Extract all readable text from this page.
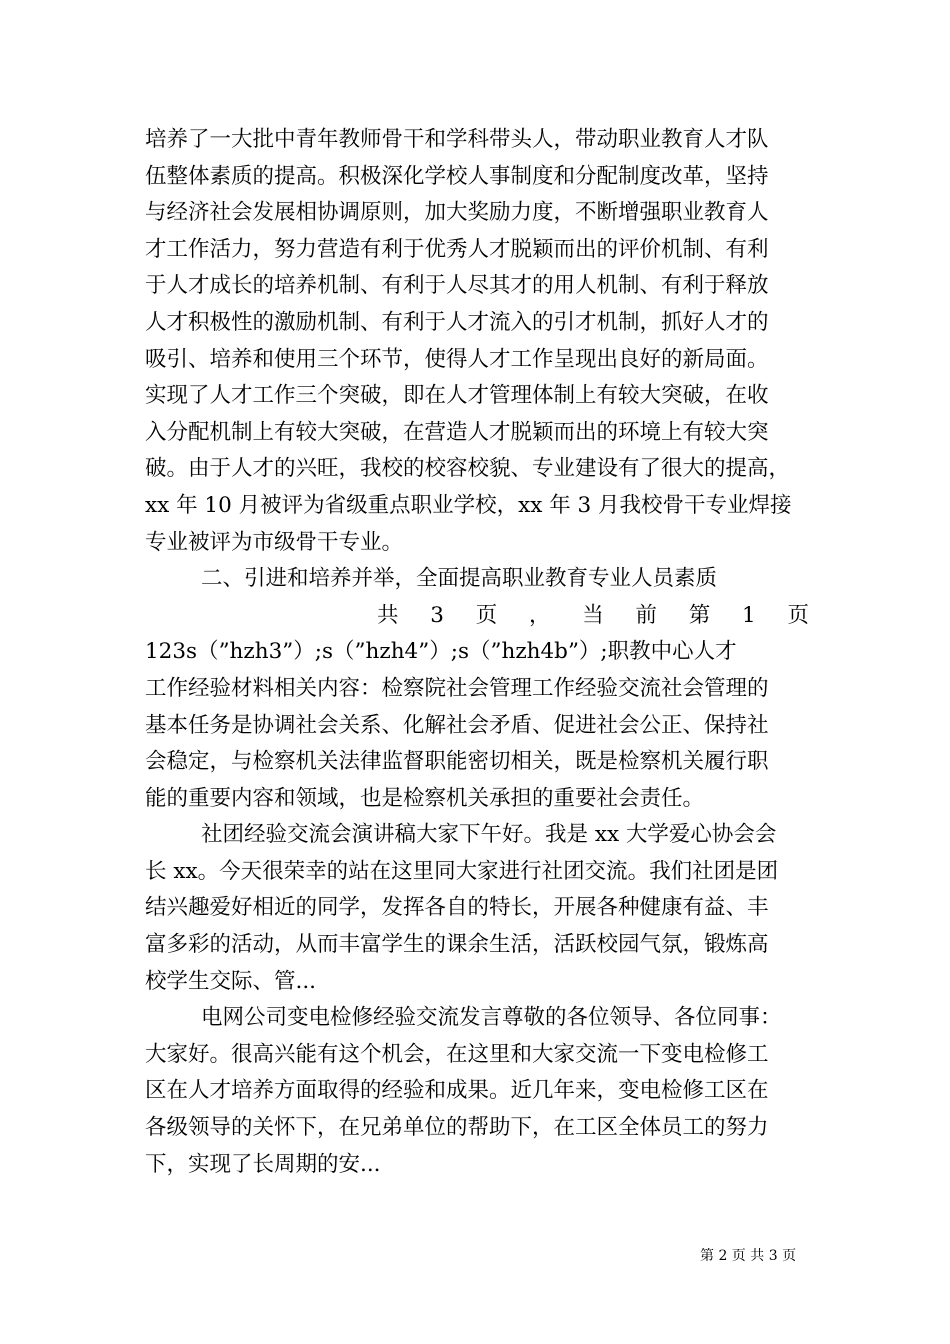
培养了一大批中青年教师骨干和学科带头人，带动职业教育人才队
伍整体素质的提高。积极深化学校人事制度和分配制度改革，坚持
与经济社会发展相协调原则，加大奖励力度，不断增强职业教育人
才工作活力，努力营造有利于优秀人才脱颖而出的评价机制、有利
于人才成长的培养机制、有利于人尽其才的用人机制、有利于释放
人才积极性的激励机制、有利于人才流入的引才机制，抓好人才的
吸引、培养和使用三个环节，使得人才工作呈现出良好的新局面。
实现了人才工作三个突破，即在人才管理体制上有较大突破，在收
入分配机制上有较大突破，在营造人才脱颖而出的环境上有较大突
破。由于人才的兴旺，我校的校容校貌、专业建设有了很大的提高，
xx 年 10 月被评为省级重点职业学校，xx 年 3 月我校骨干专业焊接
专业被评为市级骨干专业。
二、引进和培养并举，全面提高职业教育专业人员素质
共 3 页 ， 当 前 第 1 页
123s（”hzh3”）;s（”hzh4”）;s（”hzh4b”）;职教中心人才
工作经验材料相关内容：检察院社会管理工作经验交流社会管理的
基本任务是协调社会关系、化解社会矛盾、促进社会公正、保持社
会稳定，与检察机关法律监督职能密切相关，既是检察机关履行职
能的重要内容和领域，也是检察机关承担的重要社会责任。
社团经验交流会演讲稿大家下午好。我是 xx 大学爱心协会会
长 xx。今天很荣幸的站在这里同大家进行社团交流。我们社团是团
结兴趣爱好相近的同学，发挥各自的特长，开展各种健康有益、丰
富多彩的活动，从而丰富学生的课余生活，活跃校园气氛，锻炼高
校学生交际、管...
电网公司变电检修经验交流发言尊敬的各位领导、各位同事：
大家好。很高兴能有这个机会，在这里和大家交流一下变电检修工
区在人才培养方面取得的经验和成果。近几年来，变电检修工区在
各级领导的关怀下，在兄弟单位的帮助下，在工区全体员工的努力
下，实现了长周期的安...
第 2 页 共 3 页
